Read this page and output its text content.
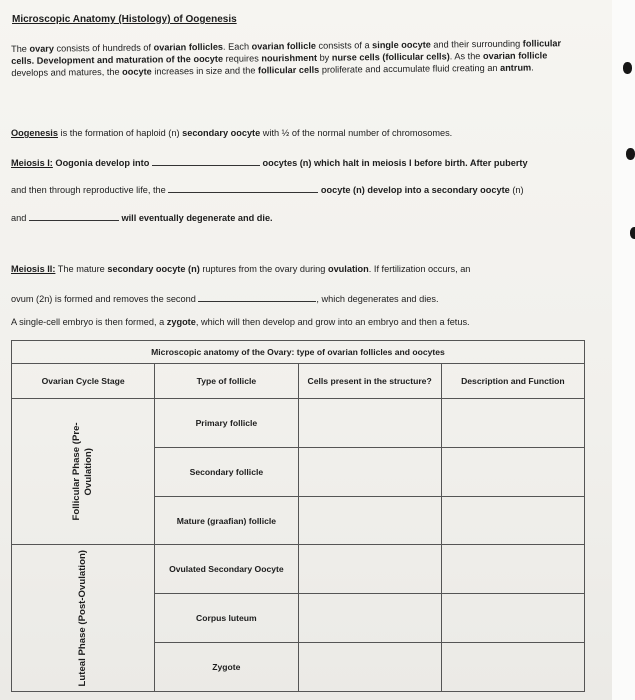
Microscopic Anatomy (Histology) of Oogenesis
The ovary consists of hundreds of ovarian follicles. Each ovarian follicle consists of a single oocyte and their surrounding follicular cells. Development and maturation of the oocyte requires nourishment by nurse cells (follicular cells). As the ovarian follicle develops and matures, the oocyte increases in size and the follicular cells proliferate and accumulate fluid creating an antrum.
Oogenesis is the formation of haploid (n) secondary oocyte with ½ of the normal number of chromosomes.
Meiosis I: Oogonia develop into	oocytes (n) which halt in meiosis I before birth. After puberty
and then through reproductive life, the	oocyte (n) develop into a secondary oocyte (n)
and	will eventually degenerate and die.
Meiosis II: The mature secondary oocyte (n) ruptures from the ovary during ovulation. If fertilization occurs, an
ovum (2n) is formed and removes the second	, which degenerates and dies.
A single-cell embryo is then formed, a zygote, which will then develop and grow into an embryo and then a fetus.
Microscopic anatomy of the Ovary: type of ovarian follicles and oocytes			
Ovarian Cycle Stage	Type of follicle	Cells present in the structure?	Description and Function

Follicular Phase (Pre-Ovulation)	Primary follicle		
	Secondary follicle		
	Mature (graafian) follicle		

Luteal Phase (Post-Ovulation)	Ovulated Secondary Oocyte		
	Corpus luteum		
	Zygote		
